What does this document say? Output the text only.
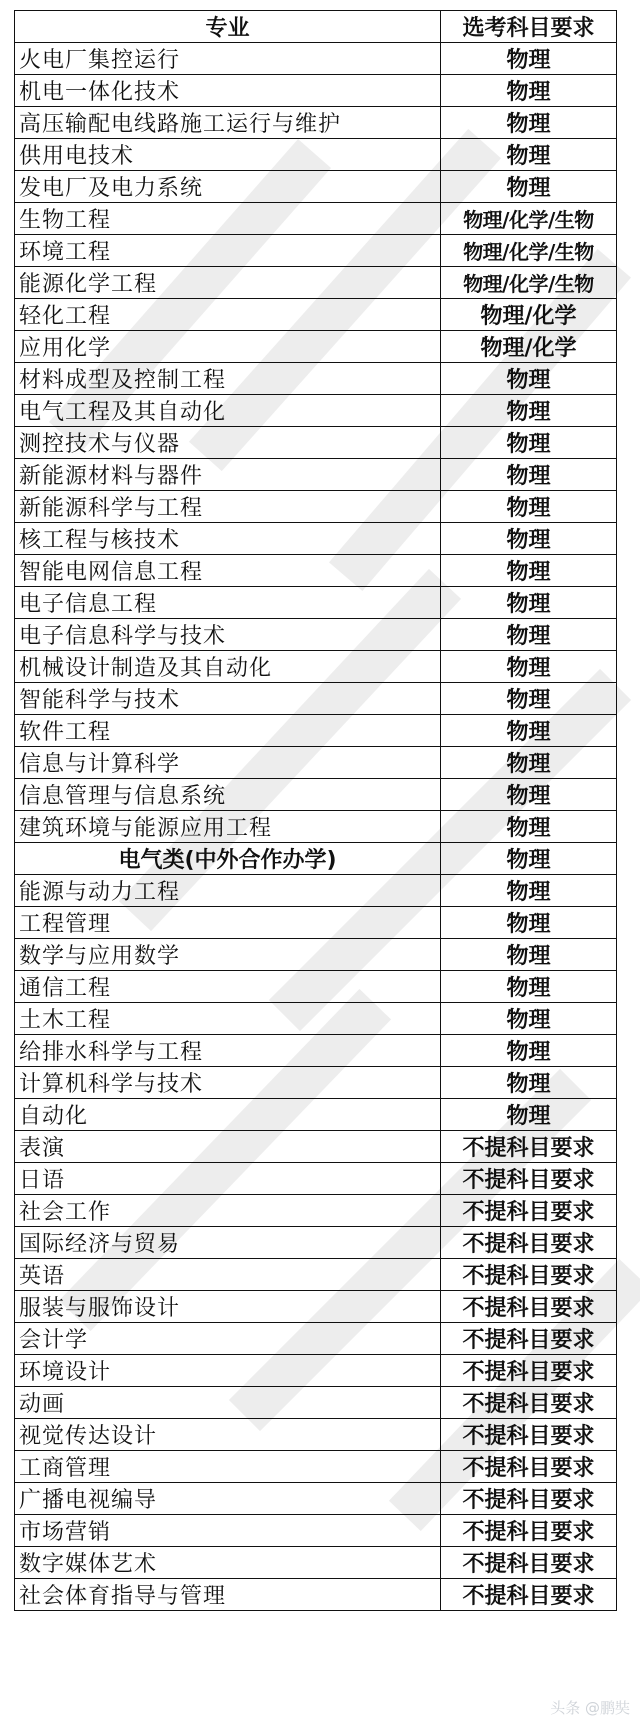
专业	选考科目要求
火电厂集控运行	物理
机电一体化技术	物理
高压输配电线路施工运行与维护	物理
供用电技术	物理
发电厂及电力系统	物理
生物工程	物理/化学/生物
环境工程	物理/化学/生物
能源化学工程	物理/化学/生物
轻化工程	物理/化学
应用化学	物理/化学
材料成型及控制工程	物理
电气工程及其自动化	物理
测控技术与仪器	物理
新能源材料与器件	物理
新能源科学与工程	物理
核工程与核技术	物理
智能电网信息工程	物理
电子信息工程	物理
电子信息科学与技术	物理
机械设计制造及其自动化	物理
智能科学与技术	物理
软件工程	物理
信息与计算科学	物理
信息管理与信息系统	物理
建筑环境与能源应用工程	物理
电气类(中外合作办学)	物理
能源与动力工程	物理
工程管理	物理
数学与应用数学	物理
通信工程	物理
土木工程	物理
给排水科学与工程	物理
计算机科学与技术	物理
自动化	物理
表演	不提科目要求
日语	不提科目要求
社会工作	不提科目要求
国际经济与贸易	不提科目要求
英语	不提科目要求
服装与服饰设计	不提科目要求
会计学	不提科目要求
环境设计	不提科目要求
动画	不提科目要求
视觉传达设计	不提科目要求
工商管理	不提科目要求
广播电视编导	不提科目要求
市场营销	不提科目要求
数字媒体艺术	不提科目要求
社会体育指导与管理	不提科目要求
头条 @鹏奘
